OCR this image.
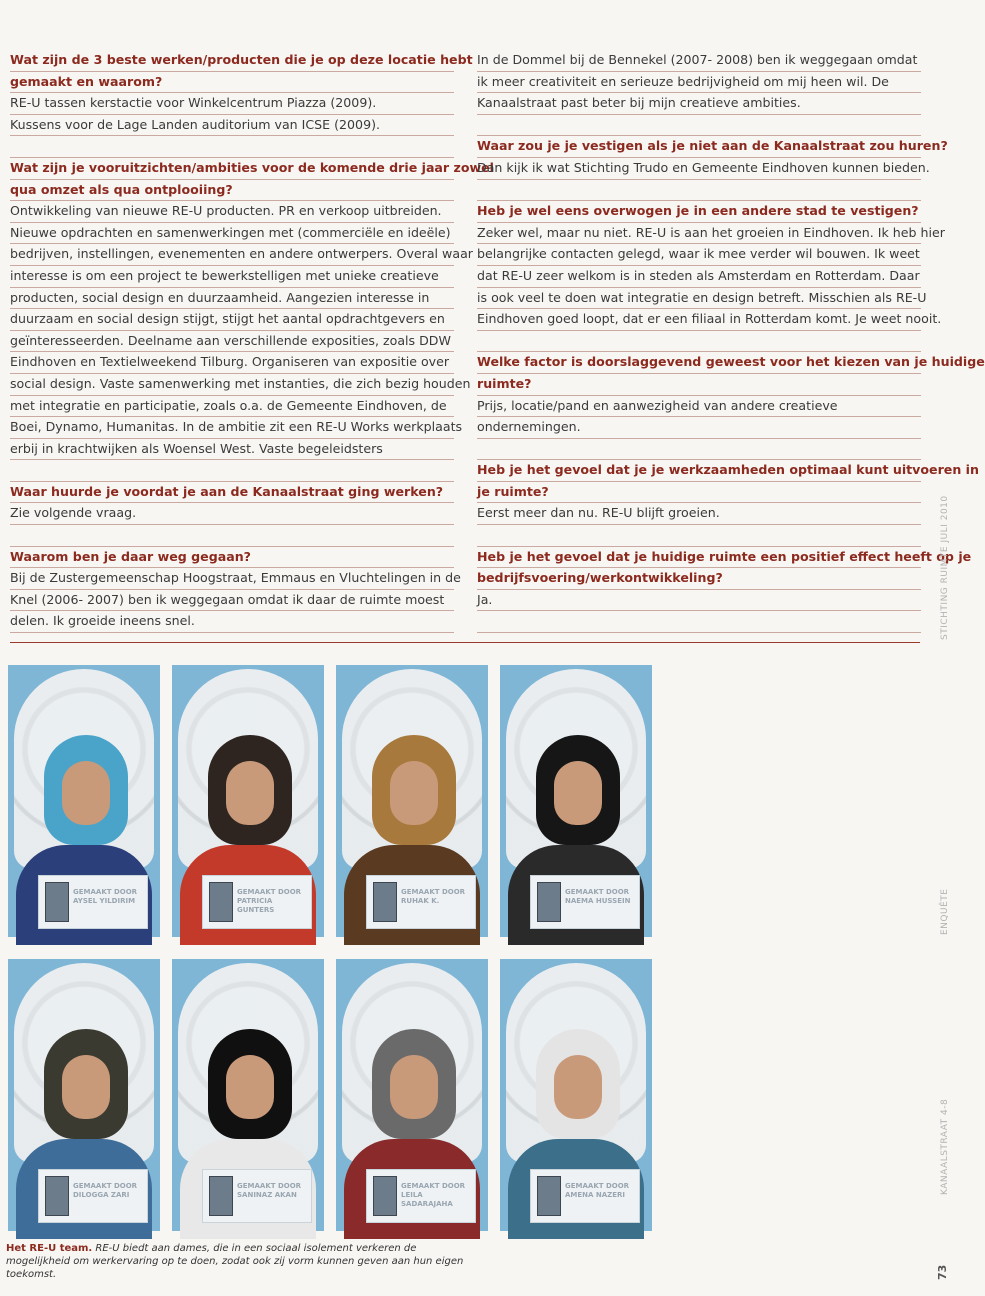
Wat zijn de 3 beste werken/producten die je op deze locatie hebt
gemaakt en waarom?
RE-U tassen kerstactie voor Winkelcentrum Piazza (2009).
Kussens voor de Lage Landen auditorium van ICSE (2009).
Wat zijn je vooruitzichten/ambities voor de komende drie jaar zowel
qua omzet als qua ontplooiing?
Ontwikkeling van nieuwe RE-U producten. PR en verkoop uitbreiden.
Nieuwe opdrachten en samenwerkingen met (commerciële en ideële)
bedrijven, instellingen, evenementen en andere ontwerpers. Overal waar
interesse is om een project te bewerkstelligen met unieke creatieve
producten, social design en duurzaamheid. Aangezien interesse in
duurzaam en social design stijgt, stijgt het aantal opdrachtgevers en
geïnteresseerden. Deelname aan verschillende exposities, zoals DDW
Eindhoven en Textielweekend Tilburg. Organiseren van expositie over
social design. Vaste samenwerking met instanties, die zich bezig houden
met integratie en participatie, zoals o.a. de Gemeente Eindhoven, de
Boei, Dynamo, Humanitas. In de ambitie zit een RE-U Works werkplaats
erbij in krachtwijken als Woensel West. Vaste begeleidsters
Waar huurde je voordat je aan de Kanaalstraat ging werken?
Zie volgende vraag.
Waarom ben je daar weg gegaan?
Bij de Zustergemeenschap Hoogstraat, Emmaus en Vluchtelingen in de
Knel (2006- 2007) ben ik weggegaan omdat ik daar de ruimte moest
delen. Ik groeide ineens snel.
In de Dommel bij de Bennekel (2007- 2008) ben ik weggegaan omdat
ik meer creativiteit en serieuze bedrijvigheid om mij heen wil. De
Kanaalstraat past beter bij mijn creatieve ambities.
Waar zou je je vestigen als je niet aan de Kanaalstraat zou huren?
Dan kijk ik wat Stichting Trudo en Gemeente Eindhoven kunnen bieden.
Heb je wel eens overwogen je in een andere stad te vestigen?
Zeker wel, maar nu niet. RE-U is aan het groeien in Eindhoven. Ik heb hier
belangrijke contacten gelegd, waar ik mee verder wil bouwen. Ik weet
dat RE-U zeer welkom is in steden als Amsterdam en Rotterdam. Daar
is ook veel te doen wat integratie en design betreft. Misschien als RE-U
Eindhoven goed loopt, dat er een filiaal in Rotterdam komt. Je weet nooit.
Welke factor is doorslaggevend geweest voor het kiezen van je huidige
ruimte?
Prijs, locatie/pand en aanwezigheid van andere creatieve
ondernemingen.
Heb je het gevoel dat je je werkzaamheden optimaal kunt uitvoeren in
je ruimte?
Eerst meer dan nu. RE-U blijft groeien.
Heb je het gevoel dat je huidige ruimte een positief effect heeft op je
bedrijfsvoering/werkontwikkeling?
Ja.
GEMAAKT DOOR
AYSEL YILDIRIM
GEMAAKT DOOR
PATRICIA GUNTERS
GEMAAKT DOOR
RUHAK K.
GEMAAKT DOOR
NAEMA HUSSEIN
GEMAAKT DOOR
DILOGGA ZARI
GEMAAKT DOOR
SANINAZ AKAN
GEMAAKT DOOR
LEILA SADARAJAHA
GEMAAKT DOOR
AMENA NAZERI
Het RE-U team. RE-U biedt aan dames, die in een sociaal isolement verkeren de mogelijkheid om werkervaring op te doen, zodat ook zij vorm kunnen geven aan hun eigen toekomst.
STICHTING RUIMTE JULI 2010
ENQUÊTE
KANAALSTRAAT 4-8
73
